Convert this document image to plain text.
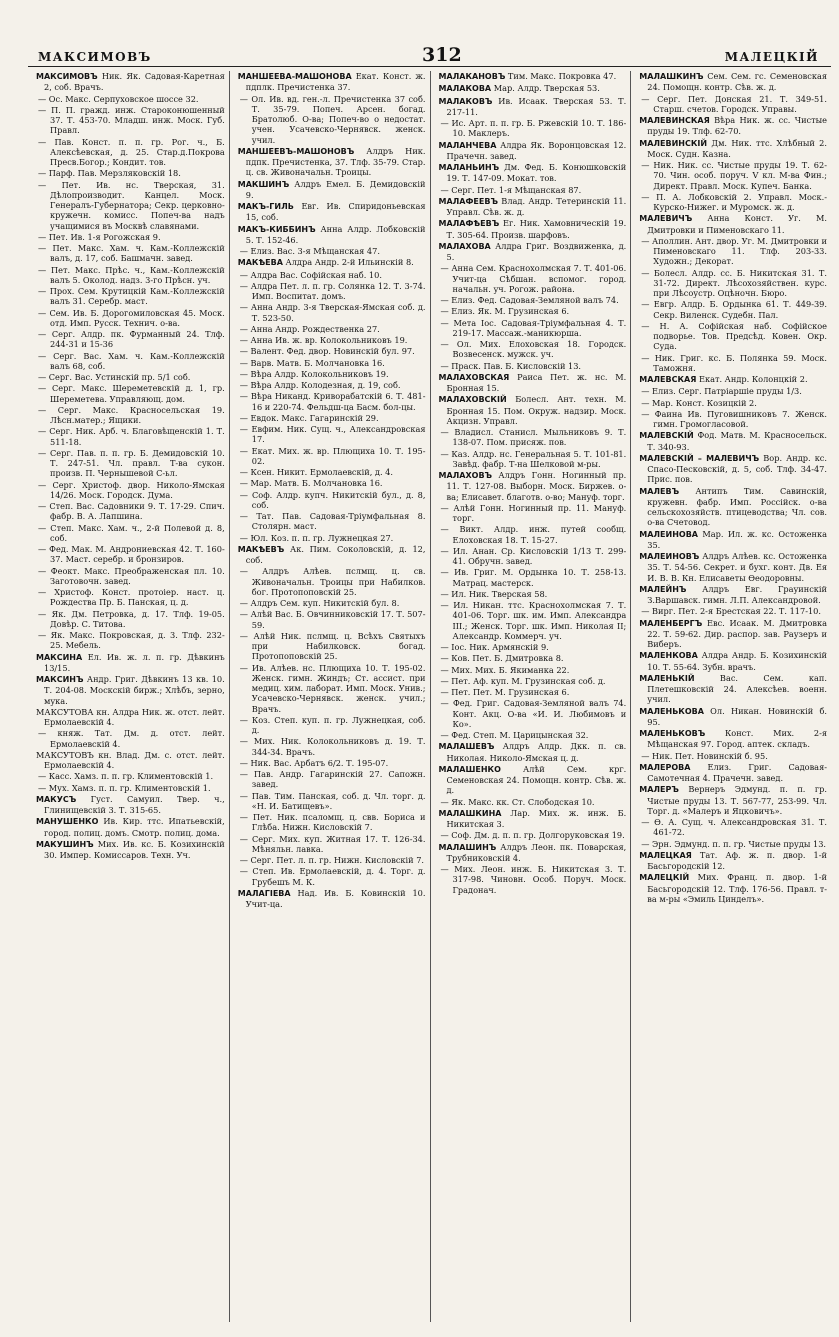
МАКСИМОВЪ	312	МАЛЕЦКІЙ
МАКСИМОВЪ Ник. Як. Садовая-Каретная 2, соб. Врачъ.
— Ос. Макс. Серпуховское шоссе 32.
— П. П. гражд. инж. Староконюшенный 37. Т. 453-70. Младш. инж. Моск. Губ. Правл.
— Пав. Конст. п. п. гр. Рог. ч., Б. Алексѣевская, д. 25. Стар.д.Покрова Пресв.Богор.; Кондит. тов.
— Парф. Пав. Мерзляковскій 18.
— Пет. Ив. нс. Тверская, 31. Дѣлопроизводит. Канцел. Моск. Генералъ-Губернатора; Секр. церковно-кружечн. комисс. Попеч-ва надъ учащимися въ Москвѣ славянами.
— Пет. Ив. 1-я Рогожская 9.
— Пет. Макс. Хам. ч. Кам.-Коллежскій валъ, д. 17, соб. Башмачн. завед.
— Пет. Макс. Прѣс. ч., Кам.-Коллежскій валъ 5. Околод. надз. 3-го Прѣсн. уч.
— Прох. Сем. Крутицкій Кам.-Коллежскій валъ 31. Серебр. маст.
— Сем. Ив. Б. Дорогомиловская 45. Моск. отд. Имп. Русск. Технич. о-ва.
— Серг. Алдр. пк. Фурманный 24. Тлф. 244-31 и 15-36
— Серг. Вас. Хам. ч. Кам.-Коллежскій валъ 68, соб.
— Серг. Вас. Устинскій пр. 5/1 соб.
— Серг. Макс. Шереметевскій д. 1, гр. Шереметева. Управляющ. дом.
— Серг. Макс. Красносельская 19. Лѣсн.матер.; Ящики.
— Серг. Ник. Арб. ч. Благовѣщенскій 1. Т. 511-18.
— Серг. Пав. п. п. гр. Б. Демидовскій 10. Т. 247-51. Чл. правл. Т-ва сукон. произв. П. Чернышевой С-ьл.
— Серг. Христоф. двор. Николо-Ямская 14/26. Моск. Городск. Дума.
— Степ. Вас. Садовники 9. Т. 17-29. Спич. фабр. В. А. Лапшина.
— Степ. Макс. Хам. ч., 2-й Полевой д. 8, соб.
— Фед. Мак. М. Андрониевская 42. Т. 160-37. Маст. серебр. и бронзиров.
— Феокт. Макс. Преображенская пл. 10. Заготовочн. завед.
— Христоф. Конст. протоіер. наст. ц. Рождества Пр. Б. Панская, ц. д.
— Як. Дм. Петровка, д. 17. Тлф. 19-05. Довѣр. С. Титова.
— Як. Макс. Покровская, д. 3. Тлф. 232-25. Мебель.
МАКСИНА Ел. Ив. ж. л. п. гр. Дѣвкинъ 13/15.
МАКСИНЪ Андр. Григ. Дѣвкинъ 13 кв. 10. Т. 204-08. Москскій бирж.; Хлѣбъ, зерно, мука.
МАКСУТОВА кн. Алдра Ник. ж. отст. лейт. Ермолаевскій 4.
— княж. Тат. Дм. д. отст. лейт. Ермолаевскій 4.
МАКСУТОВЪ кн. Влад. Дм. с. отст. лейт. Ермолаевскій 4.
— Касс. Хамз. п. п. гр. Климентовскій 1.
— Мух. Хамз. п. п. гр. Климентовскій 1.
МАКУСЪ Густ. Самуил. Твер. ч., Глинищевскій 3. Т. 315-65.
МАНУШЕНКО Ив. Кир. ттс. Ипатьевскій, город. полиц. домъ. Смотр. полиц. дома.
МАКУШИНЪ Мих. Ив. кс. Б. Козихинскій 30. Импер. Комиссаров. Техн. Уч.
МАНШЕЕВА-МАШОНОВА Екат. Конст. ж. пдплк. Пречистенка 37.
— Ол. Ив. вд. ген.-л. Пречистенка 37 соб. Т. 35-79. Попеч. Арсен. богад. Братолюб. О-ва; Попеч-во о недостат. учен. Усачевско-Чернявск. женск. учил.
МАНШЕЕВЪ-МАШОНОВЪ Алдръ Ник. пдпк. Пречистенка, 37. Тлф. 35-79. Стар. ц. св. Живоначальн. Троицы.
МАКШИНЪ Алдръ Емел. Б. Демидовскій 9.
МАКЪ-ГИЛЬ Евг. Ив. Спиридоньевская 15, соб.
МАКЪ-КИББИНЪ Анна Алдр. Лобковскій 5. Т. 152-46.
— Елиз. Вас. 3-я Мѣщанская 47.
МАКѢЕВА Алдра Андр. 2-й Ильинскій 8.
— Алдра Вас. Софійская наб. 10.
— Алдра Пет. л. п. гр. Солянка 12. Т. 3-74. Имп. Воспитат. домъ.
— Анна Андр. 3-я Тверская-Ямская соб. д. Т. 523-50.
— Анна Андр. Рождественка 27.
— Анна Ив. ж. вр. Колокольниковъ 19.
— Валент. Фед. двор. Новинскій бул. 97.
— Варв. Матв. Б. Молчановка 16.
— Вѣра Алдр. Колокольниковъ 19.
— Вѣра Алдр. Колодезная, д. 19, соб.
— Вѣра Никанд. Криворабатскій 6. Т. 481-16 и 220-74. Фельдш-ца Басм. бол-цы.
— Евдок. Макс. Гагаринскій 29.
— Евфим. Ник. Сущ. ч., Александровская 17.
— Екат. Мих. ж. вр. Плющиха 10. Т. 195-02.
— Ксен. Никит. Ермолаевскій, д. 4.
— Мар. Матв. Б. Молчановка 16.
— Соф. Алдр. купч. Никитскій бул., д. 8, соб.
— Тат. Пав. Садовая-Тріумфальная 8. Столярн. маст.
— Юл. Коз. п. п. гр. Лужнецкая 27.
МАКѢЕВЪ Ак. Пим. Соколовскій, д. 12, соб.
— Алдръ Алѣев. пслмщ. ц. св. Живоначальн. Троицы при Набилков. бог. Протопоповскій 25.
— Алдръ Сем. куп. Никитскій бул. 8.
— Алѣй Вас. Б. Овчинниковскій 17. Т. 507-59.
— Алѣй Ник. пслмщ. ц. Всѣхъ Святыхъ при Набилковск. богад. Протопоповскій 25.
— Ив. Алѣев. нс. Плющиха 10. Т. 195-02. Женск. гимн. Жиндъ; Ст. ассист. при медиц. хим. лаборат. Имп. Моск. Унив.; Усачевско-Чернявск. женск. учил.; Врачъ.
— Коз. Степ. куп. п. гр. Лужнецкая, соб. д.
— Мих. Ник. Колокольниковъ д. 19. Т. 344-34. Врачъ.
— Ник. Вас. Арбатъ 6/2. Т. 195-07.
— Пав. Андр. Гагаринскій 27. Сапожн. завед.
— Пав. Тим. Панская, соб. д. Чл. торг. д. «Н. И. Батищевъ».
— Пет. Ник. псаломщ. ц. свв. Бориса и Глѣба. Нижн. Кисловскій 7.
— Серг. Мих. куп. Житная 17. Т. 126-34. Мѣняльн. лавка.
— Серг. Пет. л. п. гр. Нижн. Кисловскій 7.
— Степ. Ив. Ермолаевскій, д. 4. Торг. д. Грубешъ М. К.
МАЛАГІЕВА Над. Ив. Б. Ковинскій 10. Учит-ца.
МАЛАКАНОВЪ Тим. Макс. Покровка 47.
МАЛАКОВА Мар. Алдр. Тверская 53.
МАЛАКОВЪ Ив. Исаак. Тверская 53. Т. 217-11.
— Ис. Арт. п. п. гр. Б. Ржевскій 10. Т. 186-10. Маклеръ.
МАЛАНЧЕВА Алдра Як. Воронцовская 12. Прачечн. завед.
МАЛАНЬИНЪ Дм. Фед. Б. Конюшковскій 19. Т. 147-09. Мокат. тов.
— Серг. Пет. 1-я Мѣщанская 87.
МАЛАФЕЕВЪ Влад. Андр. Тетеринскій 11. Управл. Сѣв. ж. д.
МАЛАФѢЕВЪ Ег. Ник. Хамовническій 19. Т. 305-64. Произв. шарфовъ.
МАЛАХОВА Алдра Григ. Воздвиженка, д. 5.
— Анна Сем. Краснохолмская 7. Т. 401-06. Учит-ца Сѣбшан. вспомог. город. начальн. уч. Рогож. района.
— Елиз. Фед. Садовая-Земляной валъ 74.
— Елиз. Як. М. Грузинская 6.
— Мета Іос. Садовая-Тріумфальная 4. Т. 219-17. Массаж.-маникюрша.
— Ол. Мих. Елоховская 18. Городск. Возвесенск. мужск. уч.
— Праск. Пав. Б. Кисловскій 13.
МАЛАХОВСКАЯ Раиса Пет. ж. нс. М. Бронная 15.
МАЛАХОВСКІЙ Болесл. Ант. техн. М. Бронная 15. Пом. Окруж. надзир. Моск. Акцизн. Управл.
— Владисл. Станисл. Мыльниковъ 9. Т. 138-07. Пом. присяж. пов.
— Каз. Алдр. нс. Генеральная 5. Т. 101-81. Завѣд. фабр. Т-на Шелковой м-ры.
МАЛАХОВЪ Алдръ Гонн. Ногинный пр. 11. Т. 127-08. Выборн. Моск. Биржев. о-ва; Елисавет. благотв. о-во; Мануф. торг.
— Алѣй Гонн. Ногинный пр. 11. Мануф. торг.
— Викт. Алдр. инж. путей сообщ. Елоховская 18. Т. 15-27.
— Ил. Анан. Ср. Кисловскій 1/13 Т. 299-41. Обручн. завед.
— Ив. Григ. М. Ордынка 10. Т. 258-13. Матрац. мастерск.
— Ил. Ник. Тверская 58.
— Ил. Никан. ттс. Краснохолмская 7. Т. 401-06. Торг. шк. им. Имп. Александра III.; Женск. Торг. шк. Имп. Николая II; Александр. Коммерч. уч.
— Іос. Ник. Армянскій 9.
— Ков. Пет. Б. Дмитровка 8.
— Мих. Мих. Б. Якиманка 22.
— Пет. Аф. куп. М. Грузинская соб. д.
— Пет. Пет. М. Грузинская 6.
— Фед. Григ. Садовая-Земляной валъ 74. Конт. Акц. О-ва «И. И. Любимовъ и Ко».
— Фед. Степ. М. Царицынская 32.
МАЛАШЕВЪ Алдръ Алдр. Дкк. п. св. Николая. Николо-Ямская ц. д.
МАЛАШЕНКО Алѣй Сем. крг. Семеновская 24. Помощн. контр. Сѣв. ж. д.
— Як. Макс. кк. Ст. Слободская 10.
МАЛАШКИНА Лар. Мих. ж. инж. Б. Никитская 3.
— Соф. Дм. д. п. п. гр. Долгоруковская 19.
МАЛАШИНЪ Алдръ Леон. пк. Поварская, Трубниковскій 4.
— Мих. Леон. инж. Б. Никитская 3. Т. 317-98. Чиновн. Особ. Поруч. Моск. Градонач.
МАЛАШКИНЪ Сем. Сем. гс. Семеновская 24. Помощн. контр. Сѣв. ж. д.
— Серг. Пет. Донская 21. Т. 349-51. Старш. счетов. Городск. Управы.
МАЛЕВИНСКАЯ Вѣра Ник. ж. сс. Чистые пруды 19. Тлф. 62-70.
МАЛЕВИНСКІЙ Дм. Ник. ттс. Хлѣбный 2. Моск. Судн. Казна.
— Ник. Ник. сс. Чистые пруды 19. Т. 62-70. Чин. особ. поруч. V кл. М-ва Фин.; Директ. Правл. Моск. Купеч. Банка.
— П. А. Лобковскій 2. Управл. Моск.-Курско-Нижег. и Муромск. ж. д.
МАЛЕВИЧЪ Анна Конст. Уг. М. Дмитровки и Пименовскаго 11.
— Аполлин. Ант. двор. Уг. М. Дмитровки и Пименовскаго 11. Тлф. 203-33. Художн.; Декорат.
— Болесл. Алдр. сс. Б. Никитская 31. Т. 31-72. Директ. Лѣсохозяйствен. курс. при Лѣсоустр. Оцѣночн. Бюро.
— Евгр. Алдр. Б. Ордынка 61. Т. 449-39. Секр. Виленск. Судебн. Пал.
— Н. А. Софійская наб. Софійское подворье. Тов. Предсѣд. Ковен. Окр. Суда.
— Ник. Григ. кс. Б. Полянка 59. Моск. Таможня.
МАЛЕВСКАЯ Екат. Андр. Колонцкій 2.
— Елиз. Серг. Патріаршіе пруды 1/3.
— Мар. Конст. Козицкій 2.
— Фаина Ив. Пуговишниковъ 7. Женск. гимн. Громогласовой.
МАЛЕВСКІЙ Фод. Матв. М. Красносельск. Т. 340-93.
МАЛЕВСКІЙ – МАЛЕВИЧЪ Вор. Андр. кс. Спасо-Песковскій, д. 5, соб. Тлф. 34-47. Прис. пов.
МАЛЕВЪ Антипъ Тим. Савинскій, кружевн. фабр. Имп. Россійск. о-ва сельскохозяйств. птицеводства; Чл. сов. о-ва Счетовод.
МАЛЕИНОВА Мар. Ил. ж. кс. Остоженка 35.
МАЛЕИНОВЪ Алдръ Алѣев. кс. Остоженка 35. Т. 54-56. Секрет. и бухг. конт. Дв. Ея И. В. В. Кн. Елисаветы Ѳеодоровны.
МАЛЕЙНЪ Алдръ Евг. Грауинскій З.Варшавск. гимн. Л.П. Александровой.
— Вирг. Пет. 2-я Брестская 22. Т. 117-10.
МАЛЕНБЕРГЪ Евс. Исаак. М. Дмитровка 22. Т. 59-62. Дир. распор. зав. Раузеръ и Виберъ.
МАЛЕНКОВА Алдра Андр. Б. Козихинскій 10. Т. 55-64. Зубн. врачъ.
МАЛЕНЬКІЙ Вас. Сем. кап. Плетешковскій 24. Алексѣев. военн. учил.
МАЛЕНЬКОВА Ол. Никан. Новинскій б. 95.
МАЛЕНЬКОВЪ Конст. Мих. 2-я Мѣщанская 97. Город. аптек. складъ.
— Ник. Пет. Новинскій б. 95.
МАЛЕРОВА Елиз. Григ. Садовая-Самотечная 4. Прачечн. завед.
МАЛЕРЪ Вернеръ Эдмунд. п. п. гр. Чистые пруды 13. Т. 567-77, 253-99. Чл. Торг. д. «Малеръ и Яцковичъ».
— Ѳ. А. Сущ. ч. Александровская 31. Т. 461-72.
— Эрн. Эдмунд. п. п. гр. Чистые пруды 13.
МАЛЕЦКАЯ Тат. Аф. ж. п. двор. 1-й Басьгородскій 12.
МАЛЕЦКІЙ Мих. Франц. п. двор. 1-й Басьгородскій 12. Тлф. 176-56. Правл. т-ва м-ры «Эмиль Цинделъ».
